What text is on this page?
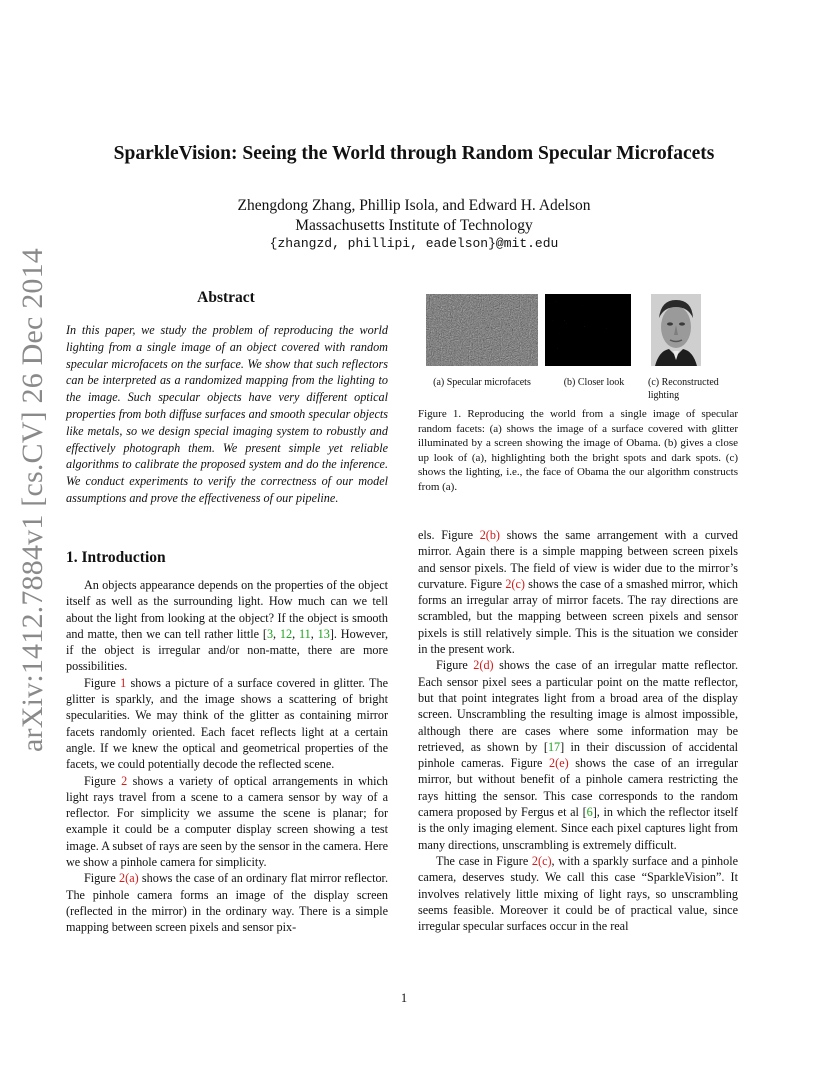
arXiv:1412.7884v1 [cs.CV] 26 Dec 2014
SparkleVision: Seeing the World through Random Specular Microfacets
Zhengdong Zhang, Phillip Isola, and Edward H. Adelson
Massachusetts Institute of Technology
{zhangzd, phillipi, eadelson}@mit.edu
Abstract
In this paper, we study the problem of reproducing the world lighting from a single image of an object covered with random specular microfacets on the surface. We show that such reflectors can be interpreted as a randomized mapping from the lighting to the image. Such specular objects have very different optical properties from both diffuse surfaces and smooth specular objects like metals, so we design special imaging system to robustly and effectively photograph them. We present simple yet reliable algorithms to calibrate the proposed system and do the inference. We conduct experiments to verify the correctness of our model assumptions and prove the effectiveness of our pipeline.
1. Introduction

An objects appearance depends on the properties of the object itself as well as the surrounding light. How much can we tell about the light from looking at the object? If the object is smooth and matte, then we can tell rather little [3, 12, 11, 13]. However, if the object is irregular and/or non-matte, there are more possibilities.

Figure 1 shows a picture of a surface covered in glitter. The glitter is sparkly, and the image shows a scattering of bright specularities. We may think of the glitter as containing mirror facets randomly oriented. Each facet reflects light at a certain angle. If we knew the optical and geometrical properties of the facets, we could potentially decode the reflected scene.

Figure 2 shows a variety of optical arrangements in which light rays travel from a scene to a camera sensor by way of a reflector. For simplicity we assume the scene is planar; for example it could be a computer display screen showing a test image. A subset of rays are seen by the sensor in the camera. Here we show a pinhole camera for simplicity.

Figure 2(a) shows the case of an ordinary flat mirror reflector. The pinhole camera forms an image of the display screen (reflected in the mirror) in the ordinary way. There is a simple mapping between screen pixels and sensor pix-

(a) Specular microfacets	(b) Closer look	(c) Reconstructed lighting
Figure 1. Reproducing the world from a single image of specular random facets: (a) shows the image of a surface covered with glitter illuminated by a screen showing the image of Obama. (b) gives a close up look of (a), highlighting both the bright spots and dark spots. (c) shows the lighting, i.e., the face of Obama the our algorithm constructs from (a).

els. Figure 2(b) shows the same arrangement with a curved mirror. Again there is a simple mapping between screen pixels and sensor pixels. The field of view is wider due to the mirror’s curvature. Figure 2(c) shows the case of a smashed mirror, which forms an irregular array of mirror facets. The ray directions are scrambled, but the mapping between screen pixels and sensor pixels is still relatively simple. This is the situation we consider in the present work.

Figure 2(d) shows the case of an irregular matte reflector. Each sensor pixel sees a particular point on the matte reflector, but that point integrates light from a broad area of the display screen. Unscrambling the resulting image is almost impossible, although there are cases where some information may be retrieved, as shown by [17] in their discussion of accidental pinhole cameras. Figure 2(e) shows the case of an irregular mirror, but without benefit of a pinhole camera restricting the rays hitting the sensor. This case corresponds to the random camera proposed by Fergus et al [6], in which the reflector itself is the only imaging element. Since each pixel captures light from many directions, unscrambling is extremely difficult.

The case in Figure 2(c), with a sparkly surface and a pinhole camera, deserves study. We call this case “SparkleVision”. It involves relatively little mixing of light rays, so unscrambling seems feasible. Moreover it could be of practical value, since irregular specular surfaces occur in the real

1
